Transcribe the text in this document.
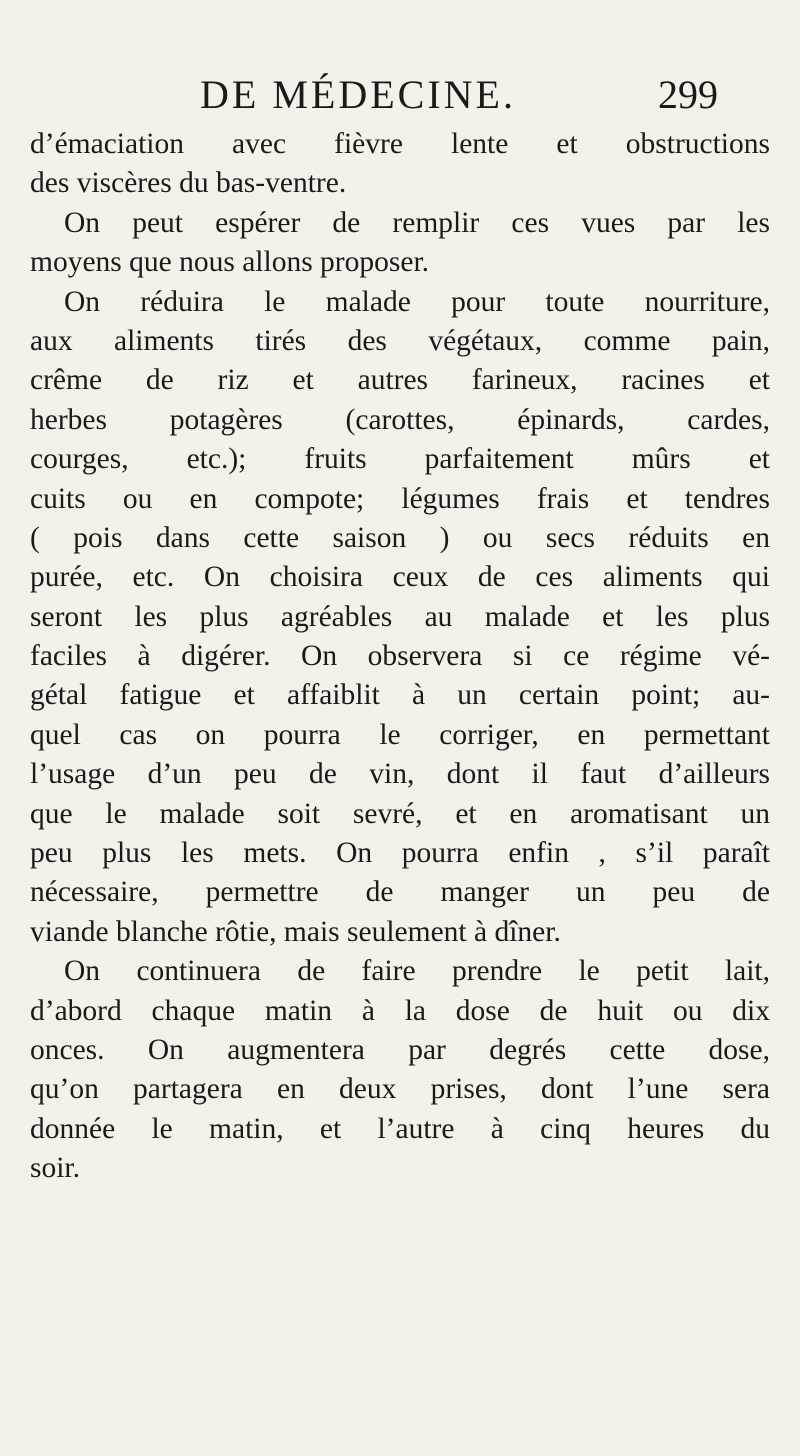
DE MÉDECINE.	299
d’émaciation avec fièvre lente et obstructions
des viscères du bas-ventre.
On peut espérer de remplir ces vues par les
moyens que nous allons proposer.
On réduira le malade pour toute nourriture,
aux aliments tirés des végétaux, comme pain,
crême de riz et autres farineux, racines et
herbes potagères (carottes, épinards, cardes,
courges, etc.); fruits parfaitement mûrs et
cuits ou en compote; légumes frais et tendres
( pois dans cette saison ) ou secs réduits en
purée, etc. On choisira ceux de ces aliments qui
seront les plus agréables au malade et les plus
faciles à digérer. On observera si ce régime vé-
gétal fatigue et affaiblit à un certain point; au-
quel cas on pourra le corriger, en permettant
l’usage d’un peu de vin, dont il faut d’ailleurs
que le malade soit sevré, et en aromatisant un
peu plus les mets. On pourra enfin , s’il paraît
nécessaire, permettre de manger un peu de
viande blanche rôtie, mais seulement à dîner.
On continuera de faire prendre le petit lait,
d’abord chaque matin à la dose de huit ou dix
onces. On augmentera par degrés cette dose,
qu’on partagera en deux prises, dont l’une sera
donnée le matin, et l’autre à cinq heures du
soir.
